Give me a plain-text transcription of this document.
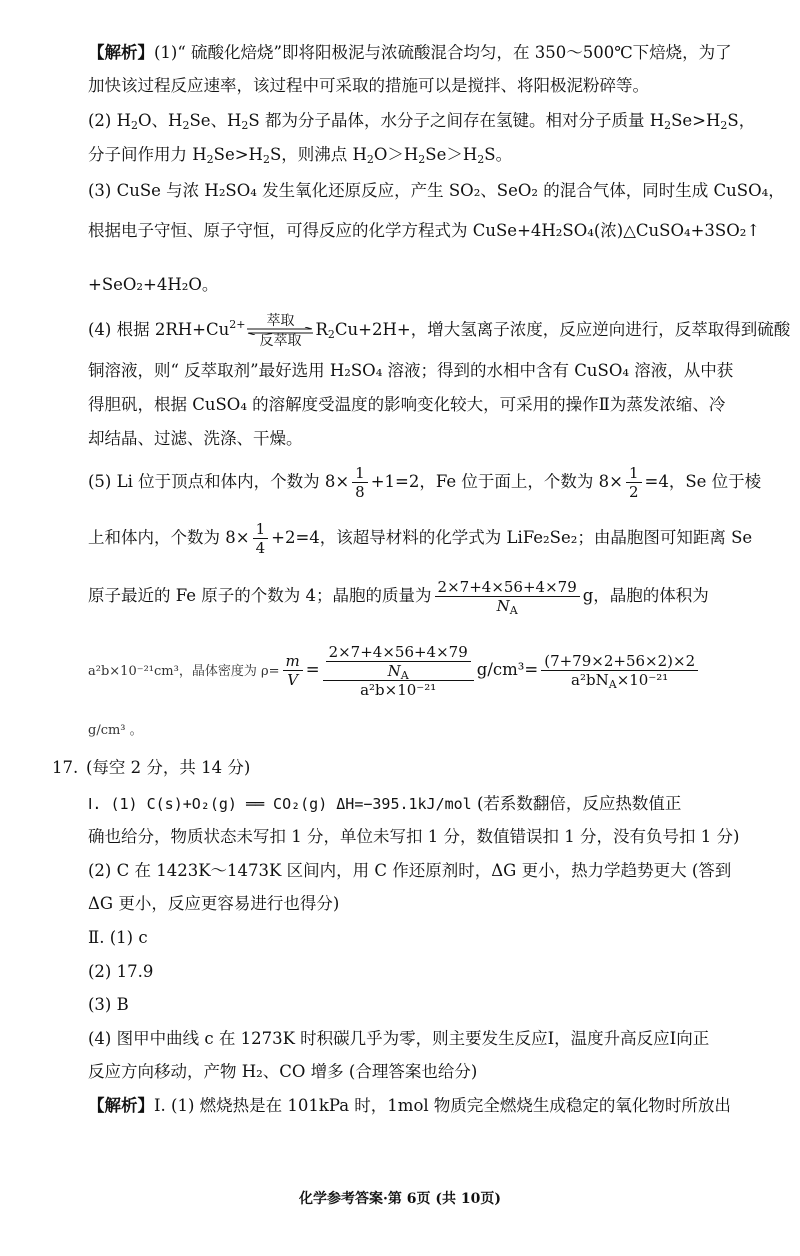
【解析】(1)“ 硫酸化焙烧”即将阳极泥与浓硫酸混合均匀，在 350～500℃下焙烧，为了
加快该过程反应速率，该过程中可采取的措施可以是搅拌、将阳极泥粉碎等。
(2) $H_2O$、$H_2Se$、$H_2S$ 都为分子晶体，水分子之间存在氢键。相对分子质量 $H_2Se>H_2S$，
分子间作用力 $H_2Se>H_2S$，则沸点 $H_2O>H_2Se>H_2S$。
(3) CuSe 与浓 H₂SO₄ 发生氧化还原反应，产生 SO₂、SeO₂ 的混合气体，同时生成 CuSO₄，
根据电子守恒、原子守恒，可得反应的化学方程式为 CuSe+4H₂SO₄(浓)△CuSO₄+3SO₂↑
+SeO₂+4H₂O。
(4) 根据 $2RH+Cu^{2+}$	萃取
反萃取
$R_2Cu+2H+$，增大氢离子浓度，反应逆向进行，反萃取得到硫酸
铜溶液，则“ 反萃取剂”最好选用 H₂SO₄ 溶液；得到的水相中含有 CuSO₄ 溶液，从中获
得胆矾，根据 CuSO₄ 的溶解度受温度的影响变化较大，可采用的操作Ⅱ为蒸发浓缩、冷
却结晶、过滤、洗涤、干燥。
(5) Li 位于顶点和体内，个数为 $8\times \frac{1}{8} +1=2$，Fe 位于面上，个数为 $8\times \frac{1}{2} =4$，Se 位于棱
上和体内，个数为 $8\times \frac{1}{4} +2=4$，该超导材料的化学式为 LiFe₂Se₂；由晶胞图可知距离 Se
原子最近的 Fe 原子的个数为 4；晶胞的质量为 $\frac{2\times 7+4\times 56+4\times 79}{N_A}$ g，晶胞的体积为
a²b×10⁻²¹cm³，晶体密度为 $\rho= \frac{m}{V} = \frac{\frac{2\times 7+4\times 56+4\times 79}{N_A}}{\text{a²b×10⁻²¹}} g/cm^3= \frac{(7+79\times 2+56\times 2)\times 2}{a^2bN_A\times 10^{-21}}$
g/cm³ 。
17. (每空 2 分，共 14 分)
Ⅰ. (1) C(s)+O₂(g) ══ CO₂(g) ΔH=−395.1kJ/mol (若系数翻倍，反应热数值正
确也给分，物质状态未写扣 1 分，单位未写扣 1 分，数值错误扣 1 分，没有负号扣 1 分)
(2) C 在 1423K～1473K 区间内，用 C 作还原剂时，ΔG 更小，热力学趋势更大 (答到
ΔG 更小，反应更容易进行也得分)
Ⅱ. (1) c
(2) 17.9
(3) B
(4) 图甲中曲线 c 在 1273K 时积碳几乎为零，则主要发生反应Ⅰ，温度升高反应Ⅰ向正
反应方向移动，产物 H₂、CO 增多 (合理答案也给分)
【解析】Ⅰ. (1) 燃烧热是在 101kPa 时，1mol 物质完全燃烧生成稳定的氧化物时所放出
化学参考答案·第 6页 (共 10页)
